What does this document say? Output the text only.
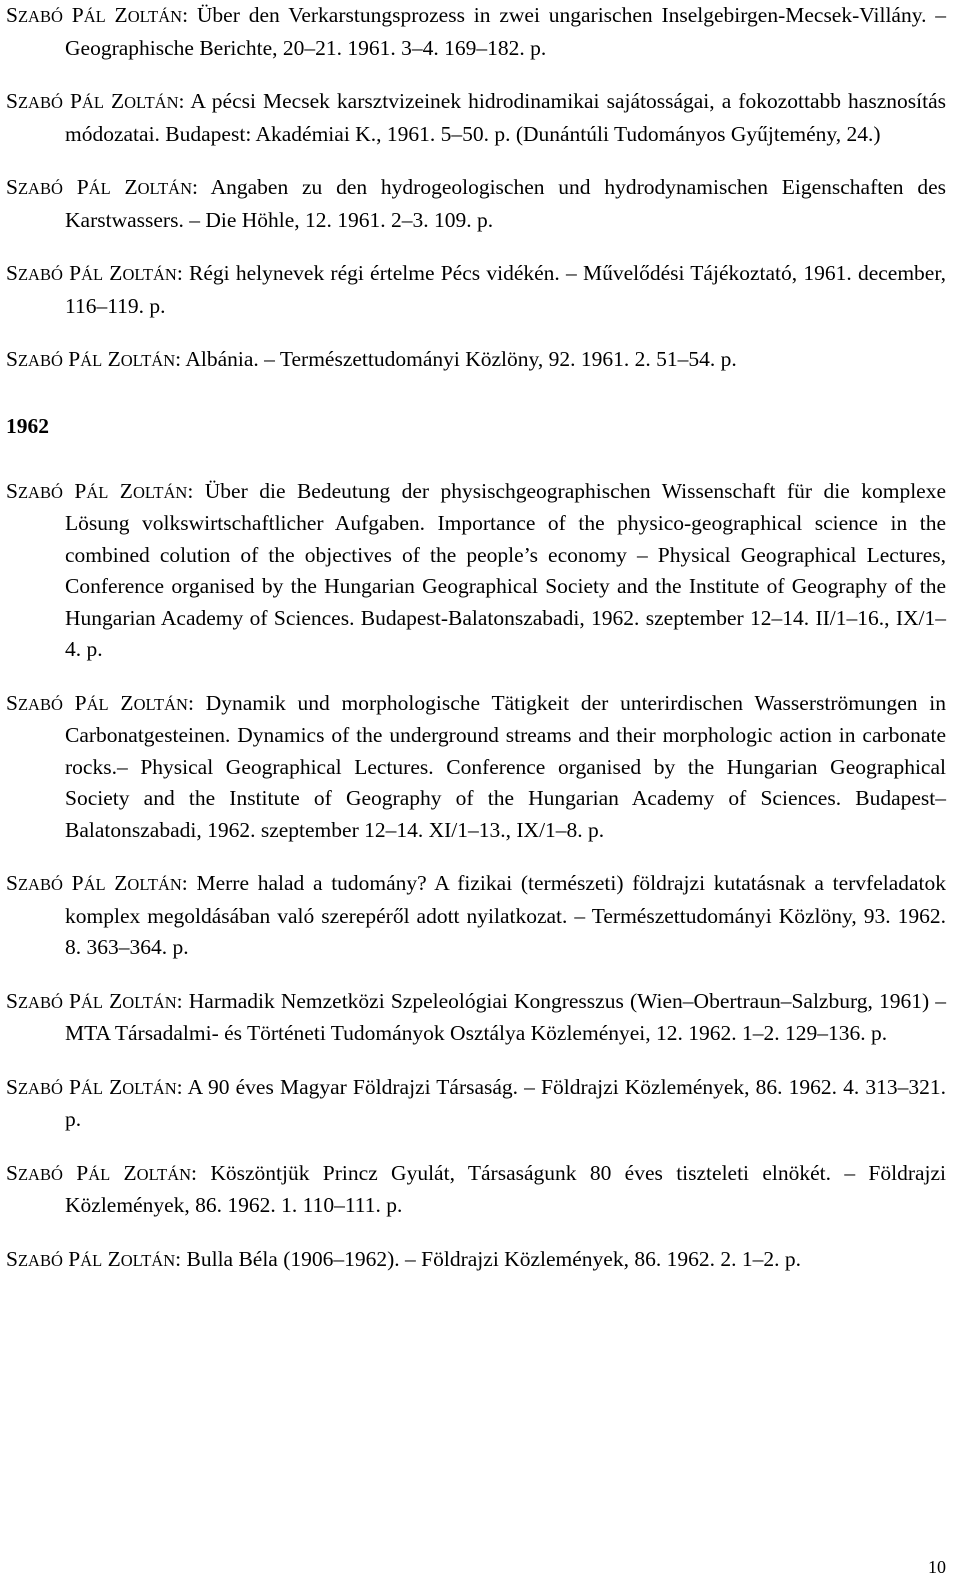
SZABÓ PÁL ZOLTÁN: Über den Verkarstungsprozess in zwei ungarischen Inselgebirgen-Mecsek-Villány. – Geographische Berichte, 20–21. 1961. 3–4. 169–182. p.

SZABÓ PÁL ZOLTÁN: A pécsi Mecsek karsztvizeinek hidrodinamikai sajátosságai, a fokozottabb hasznosítás módozatai. Budapest: Akadémiai K., 1961. 5–50. p. (Dunántúli Tudományos Gyűjtemény, 24.)

SZABÓ PÁL ZOLTÁN: Angaben zu den hydrogeologischen und hydrodynamischen Eigenschaften des Karstwassers. – Die Höhle, 12. 1961. 2–3. 109. p.

SZABÓ PÁL ZOLTÁN: Régi helynevek régi értelme Pécs vidékén. – Művelődési Tájékoztató, 1961. december, 116–119. p.

SZABÓ PÁL ZOLTÁN: Albánia. – Természettudományi Közlöny, 92. 1961. 2. 51–54. p.

1962

SZABÓ PÁL ZOLTÁN: Über die Bedeutung der physischgeographischen Wissenschaft für die komplexe Lösung volkswirtschaftlicher Aufgaben. Importance of the physico-geographical science in the combined colution of the objectives of the people’s economy – Physical Geographical Lectures, Conference organised by the Hungarian Geographical Society and the Institute of Geography of the Hungarian Academy of Sciences. Budapest-Balatonszabadi, 1962. szeptember 12–14. II/1–16., IX/1–4. p.

SZABÓ PÁL ZOLTÁN: Dynamik und morphologische Tätigkeit der unterirdischen Wasserströmungen in Carbonatgesteinen. Dynamics of the underground streams and their morphologic action in carbonate rocks.– Physical Geographical Lectures. Conference organised by the Hungarian Geographical Society and the Institute of Geography of the Hungarian Academy of Sciences. Budapest–Balatonszabadi, 1962. szeptember 12–14. XI/1–13., IX/1–8. p.

SZABÓ PÁL ZOLTÁN: Merre halad a tudomány? A fizikai (természeti) földrajzi kutatásnak a tervfeladatok komplex megoldásában való szerepéről adott nyilatkozat. – Természettudományi Közlöny, 93. 1962. 8. 363–364. p.

SZABÓ PÁL ZOLTÁN: Harmadik Nemzetközi Szpeleológiai Kongresszus (Wien–Obertraun–Salzburg, 1961) – MTA Társadalmi- és Történeti Tudományok Osztálya Közleményei, 12. 1962. 1–2. 129–136. p.

SZABÓ PÁL ZOLTÁN: A 90 éves Magyar Földrajzi Társaság. – Földrajzi Közlemények, 86. 1962. 4. 313–321. p.

SZABÓ PÁL ZOLTÁN: Köszöntjük Princz Gyulát, Társaságunk 80 éves tiszteleti elnökét. – Földrajzi Közlemények, 86. 1962. 1. 110–111. p.

SZABÓ PÁL ZOLTÁN: Bulla Béla (1906–1962). – Földrajzi Közlemények, 86. 1962. 2. 1–2. p.

10
